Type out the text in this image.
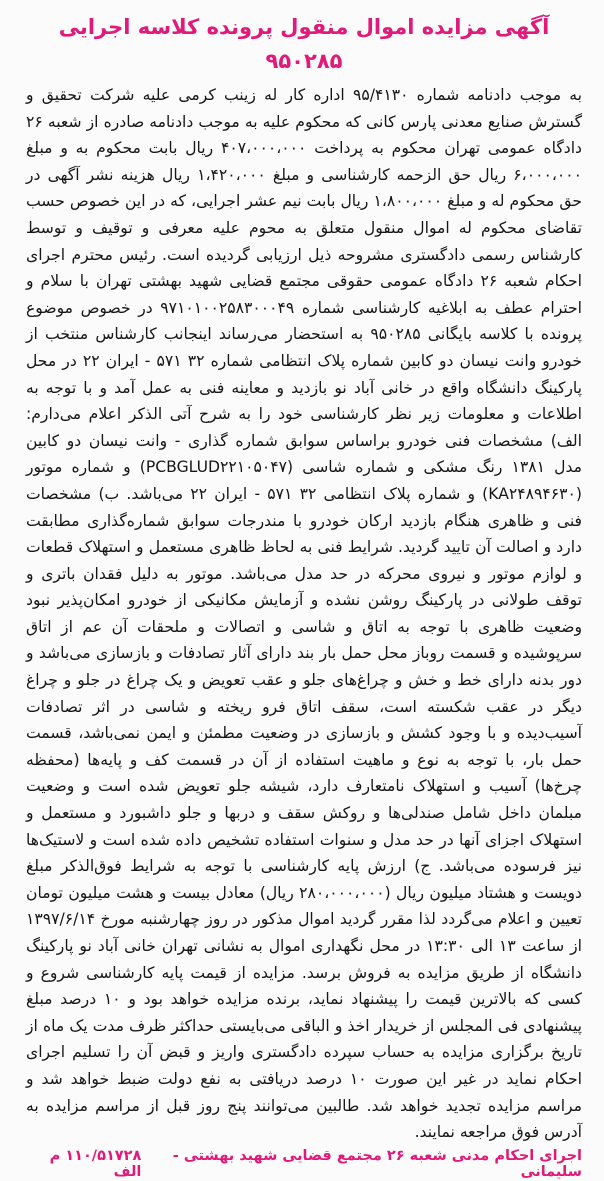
آگهی مزایده اموال منقول پرونده کلاسه اجرایی ۹۵۰۲۸۵

به موجب دادنامه شماره ۹۵/۴۱۳۰ اداره کار له زینب کرمی علیه شرکت تحقیق و گسترش صنایع معدنی پارس کانی که محکوم علیه به موجب دادنامه صادره از شعبه ۲۶ دادگاه عمومی تهران محکوم به پرداخت ۴۰۷،۰۰۰،۰۰۰ ریال بابت محکوم به و مبلغ ۶،۰۰۰،۰۰۰ ریال حق الزحمه کارشناسی و مبلغ ۱،۴۲۰،۰۰۰ ریال هزینه نشر آگهی در حق محکوم له و مبلغ ۱،۸۰۰،۰۰۰ ریال بابت نیم عشر اجرایی، که در این خصوص حسب تقاضای محکوم له اموال منقول متعلق به محوم علیه معرفی و توقیف و توسط کارشناس رسمی دادگستری مشروحه ذیل ارزیابی گردیده است. رئیس محترم اجرای احکام شعبه ۲۶ دادگاه عمومی حقوقی مجتمع قضایی شهید بهشتی تهران با سلام و احترام عطف به ابلاغیه کارشناسی شماره ۹۷۱۰۱۰۰۲۵۸۳۰۰۰۴۹ در خصوص موضوع پرونده با کلاسه بایگانی ۹۵۰۲۸۵ به استحضار می‌رساند اینجانب کارشناس منتخب از خودرو وانت نیسان دو کابین شماره پلاک انتظامی شماره ۳۲ ۵۷۱ - ایران ۲۲ در محل پارکینگ دانشگاه واقع در خانی آباد نو بازدید و معاینه فنی به عمل آمد و با توجه به اطلاعات و معلومات زیر نظر کارشناسی خود را به شرح آتی الذکر اعلام می‌دارم: الف) مشخصات فنی خودرو براساس سوابق شماره گذاری - وانت نیسان دو کابین مدل ۱۳۸۱ رنگ مشکی و شماره شاسی (PCBGLUD۲۲۱۰۵۰۴۷) و شماره موتور (KA۲۴۸۹۴۶۳۰) و شماره پلاک انتظامی ۳۲ ۵۷۱ - ایران ۲۲ می‌باشد. ب) مشخصات فنی و ظاهری هنگام بازدید ارکان خودرو با مندرجات سوابق شماره‌گذاری مطابقت دارد و اصالت آن تایید گردید. شرایط فنی به لحاظ ظاهری مستعمل و استهلاک قطعات و لوازم موتور و نیروی محرکه در حد مدل می‌باشد. موتور به دلیل فقدان باتری و توقف طولانی در پارکینگ روشن نشده و آزمایش مکانیکی از خودرو امکان‌پذیر نبود وضعیت ظاهری با توجه به اتاق و شاسی و اتصالات و ملحقات آن عم از اتاق سرپوشیده و قسمت روباز محل حمل بار بند دارای آثار تصادفات و بازسازی می‌باشد و دور بدنه دارای خط و خش و چراغ‌های جلو و عقب تعویض و یک چراغ در جلو و چراغ دیگر در عقب شکسته است، سقف اتاق فرو ریخته و شاسی در اثر تصادفات آسیب‌دیده و با وجود کشش و بازسازی در وضعیت مطمئن و ایمن نمی‌باشد، قسمت حمل بار، با توجه به نوع و ماهیت استفاده از آن در قسمت کف و پایه‌ها (محفظه چرخ‌ها) آسیب و استهلاک نامتعارف دارد، شیشه جلو تعویض شده است و وضعیت مبلمان داخل شامل صندلی‌ها و روکش سقف و دربها و جلو داشبورد و مستعمل و استهلاک اجزای آنها در حد مدل و سنوات استفاده تشخیص داده شده است و لاستیک‌ها نیز فرسوده می‌باشد. ج) ارزش پایه کارشناسی با توجه به شرایط فوق‌الذکر مبلغ دویست و هشتاد میلیون ریال (۲۸۰،۰۰۰،۰۰۰ ریال) معادل بیست و هشت میلیون تومان تعیین و اعلام می‌گردد لذا مقرر گردید اموال مذکور در روز چهارشنبه مورخ ۱۳۹۷/۶/۱۴ از ساعت ۱۳ الی ۱۳:۳۰ در محل نگهداری اموال به نشانی تهران خانی آباد نو پارکینگ دانشگاه از طریق مزایده به فروش برسد. مزایده از قیمت پایه کارشناسی شروع و کسی که بالاترین قیمت را پیشنهاد نماید، برنده مزایده خواهد بود و ۱۰ درصد مبلغ پیشنهادی فی المجلس از خریدار اخذ و الباقی می‌بایستی حداکثر ظرف مدت یک ماه از تاریخ برگزاری مزایده به حساب سپرده دادگستری واریز و قبض آن را تسلیم اجرای احکام نماید در غیر این صورت ۱۰ درصد دریافتی به نفع دولت ضبط خواهد شد و مراسم مزایده تجدید خواهد شد. طالبین می‌توانند پنج روز قبل از مراسم مزایده به آدرس فوق مراجعه نمایند.

اجرای احکام مدنی شعبه ۲۶ مجتمع قضایی شهید بهشتی - سلیمانی
۱۱۰/۵۱۷۲۸ م الف
